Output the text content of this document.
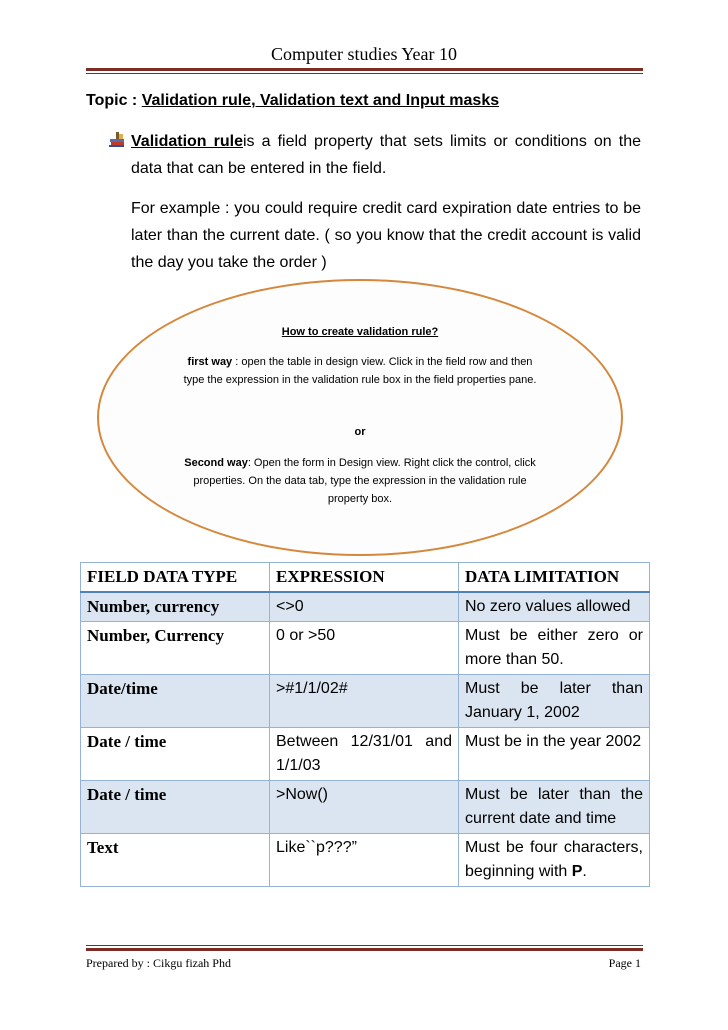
Computer studies Year 10
Topic : Validation rule, Validation text and Input masks
Validation ruleis a field property that sets limits or conditions on the data that can be entered in the field.
For example : you could require credit card expiration date entries to be later than the current date. ( so you know that the credit account is valid the day you take the order )
How to create validation rule?
first way : open the table in design view. Click in the field row and then type the expression in the validation rule box in the field properties pane.
or
Second way: Open the form in Design view. Right click the control, click properties. On the data tab, type the expression in the validation rule property box.
FIELD DATA TYPE	EXPRESSION	DATA LIMITATION
Number, currency	<>0	No zero values allowed
Number, Currency	0 or >50	Must be either zero or more than 50.
Date/time	>#1/1/02#	Must be later than January 1, 2002
Date / time	Between 12/31/01 and 1/1/03	Must be in the year 2002
Date / time	>Now()	Must be later than the current date and time
Text	Like``p???”	Must be four characters, beginning with P.
Prepared by : Cikgu fizah Phd	Page 1
